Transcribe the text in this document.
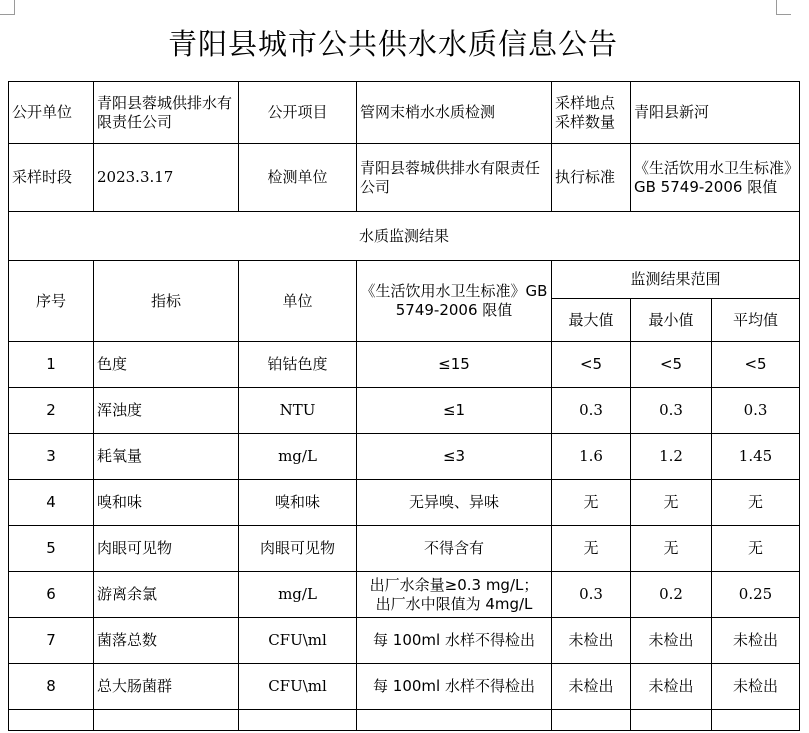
青阳县城市公共供水水质信息公告
公开单位	青阳县蓉城供排水有限责任公司	公开项目	管网末梢水水质检测	采样地点采样数量	青阳县新河	
采样时段	2023.3.17	检测单位	青阳县蓉城供排水有限责任公司	执行标准	《生活饮用水卫生标准》GB 5749-2006 限值	
水质监测结果						
序号	指标	单位	《生活饮用水卫生标准》GB 5749-2006 限值	监测结果范围		
				最大值	最小值	平均值
1	色度	铂钴色度	≤15	<5	<5	<5
2	浑浊度	NTU	≤1	0.3	0.3	0.3
3	耗氧量	mg/L	≤3	1.6	1.2	1.45
4	嗅和味	嗅和味	无异嗅、异味	无	无	无
5	肉眼可见物	肉眼可见物	不得含有	无	无	无
6	游离余氯	mg/L	出厂水余量≥0.3 mg/L；
出厂水中限值为 4mg/L	0.3	0.2	0.25
7	菌落总数	CFU\ml	每 100ml 水样不得检出	未检出	未检出	未检出
8	总大肠菌群	CFU\ml	每 100ml 水样不得检出	未检出	未检出	未检出
